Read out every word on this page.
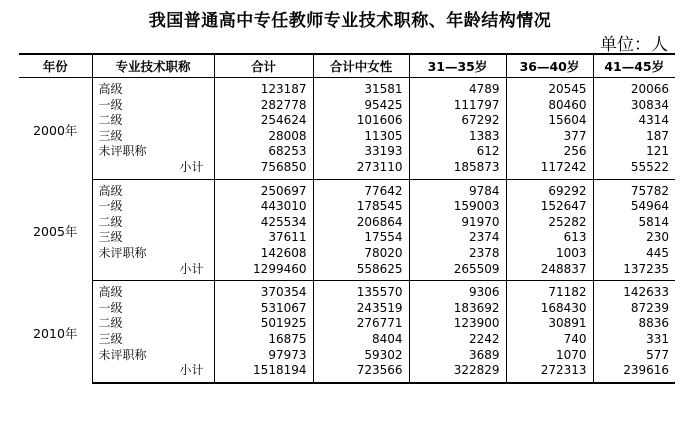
我国普通高中专任教师专业技术职称、年龄结构情况
单位：人
年份	专业技术职称	合计	合计中女性	31—35岁	36—40岁	41—45岁
2000年	高级	123187	31581	4789	20545	20066
	一级	282778	95425	111797	80460	30834
	二级	254624	101606	67292	15604	4314
	三级	28008	11305	1383	377	187
	未评职称	68253	33193	612	256	121
	小计	756850	273110	185873	117242	55522
2005年	高级	250697	77642	9784	69292	75782
	一级	443010	178545	159003	152647	54964
	二级	425534	206864	91970	25282	5814
	三级	37611	17554	2374	613	230
	未评职称	142608	78020	2378	1003	445
	小计	1299460	558625	265509	248837	137235
2010年	高级	370354	135570	9306	71182	142633
	一级	531067	243519	183692	168430	87239
	二级	501925	276771	123900	30891	8836
	三级	16875	8404	2242	740	331
	未评职称	97973	59302	3689	1070	577
	小计	1518194	723566	322829	272313	239616
